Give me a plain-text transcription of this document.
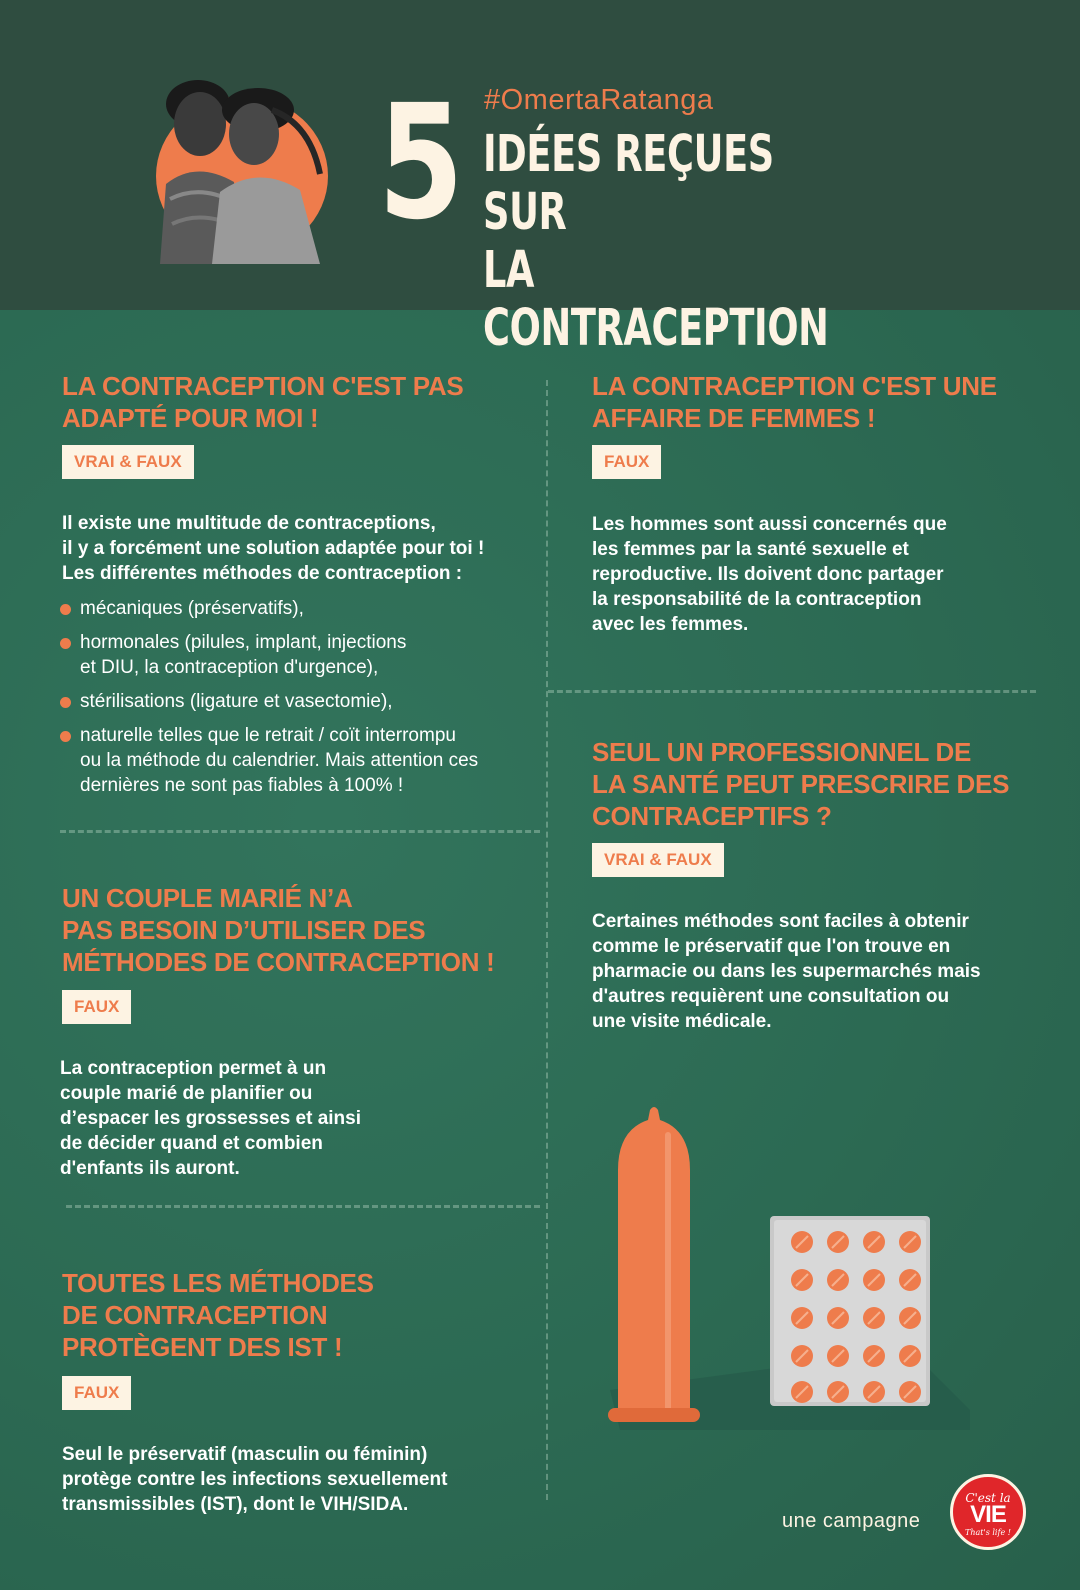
5 #OmertaRatanga
IDÉES REÇUES SUR
LA CONTRACEPTION
LA CONTRACEPTION C'EST PAS
ADAPTÉ POUR MOI !
VRAI & FAUX
Il existe une multitude de contraceptions,
il y a forcément une solution adaptée pour toi !
Les différentes méthodes de contraception :
mécaniques (préservatifs),
hormonales (pilules, implant, injections
et DIU, la contraception d'urgence),
stérilisations (ligature et vasectomie),
naturelle telles que le retrait / coït interrompu
ou la méthode du calendrier. Mais attention ces
dernières ne sont pas fiables à 100% !
LA CONTRACEPTION C'EST UNE
AFFAIRE DE FEMMES !
FAUX
Les hommes sont aussi concernés que
les femmes par la santé sexuelle et
reproductive. Ils doivent donc partager
la responsabilité de la contraception
avec les femmes.
SEUL UN PROFESSIONNEL DE
LA SANTÉ PEUT PRESCRIRE DES
CONTRACEPTIFS ?
VRAI & FAUX
Certaines méthodes sont faciles à obtenir
comme le préservatif que l'on trouve en
pharmacie ou dans les supermarchés mais
d'autres requièrent une consultation ou
une visite médicale.
UN COUPLE MARIÉ N’A
PAS BESOIN D’UTILISER DES
MÉTHODES DE CONTRACEPTION !
FAUX
La contraception permet à un
couple marié de planifier ou
d’espacer les grossesses et ainsi
de décider quand et combien
d'enfants ils auront.
TOUTES LES MÉTHODES
DE CONTRACEPTION
PROTÈGENT DES IST !
FAUX
Seul le préservatif (masculin ou féminin)
protège contre les infections sexuellement
transmissibles (IST), dont le VIH/SIDA.
une campagne
C'est la
VIE
That's life !
